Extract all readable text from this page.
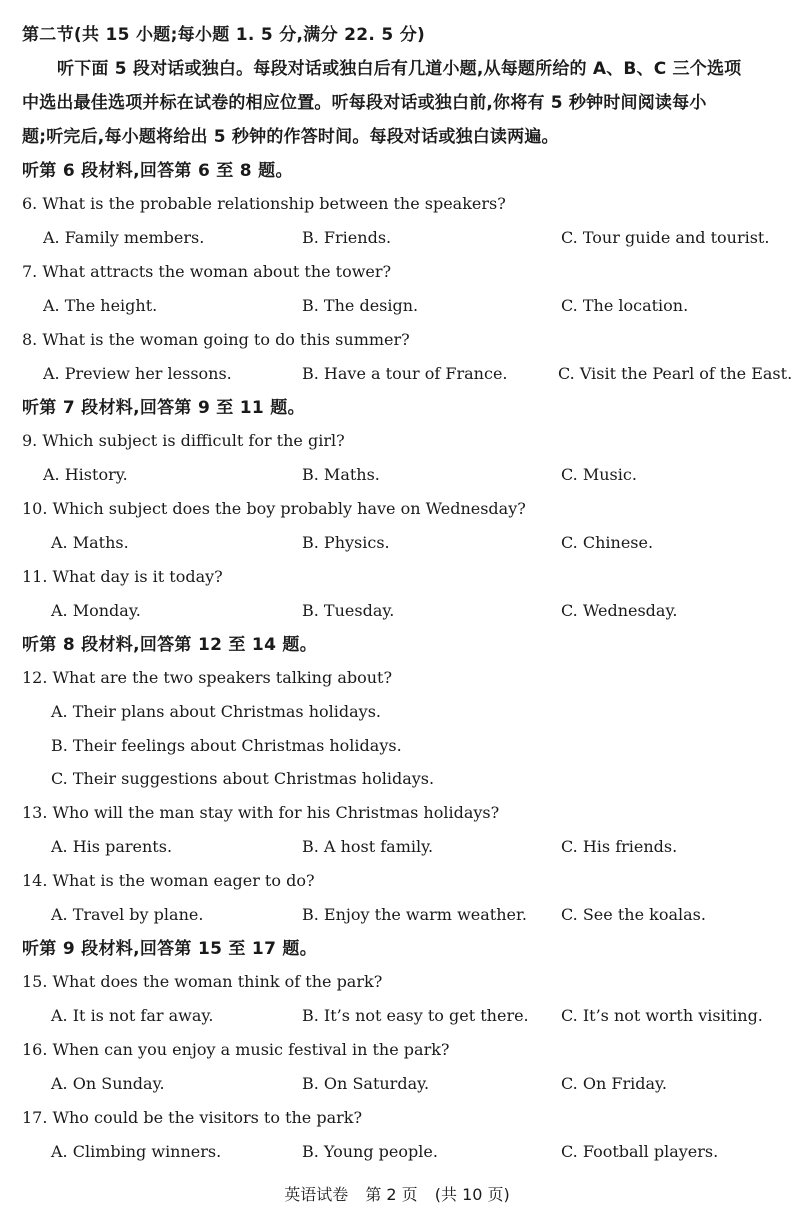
第二节(共 15 小题;每小题 1. 5 分,满分 22. 5 分)
听下面 5 段对话或独白。每段对话或独白后有几道小题,从每题所给的 A、B、C 三个选项
中选出最佳选项并标在试卷的相应位置。听每段对话或独白前,你将有 5 秒钟时间阅读每小
题;听完后,每小题将给出 5 秒钟的作答时间。每段对话或独白读两遍。
听第 6 段材料,回答第 6 至 8 题。
6. What is the probable relationship between the speakers?
A. Family members.	B. Friends.	C. Tour guide and tourist.
7. What attracts the woman about the tower?
A. The height.	B. The design.	C. The location.
8. What is the woman going to do this summer?
A. Preview her lessons.	B. Have a tour of France.	C. Visit the Pearl of the East.
听第 7 段材料,回答第 9 至 11 题。
9. Which subject is difficult for the girl?
A. History.	B. Maths.	C. Music.
10. Which subject does the boy probably have on Wednesday?
A. Maths.	B. Physics.	C. Chinese.
11. What day is it today?
A. Monday.	B. Tuesday.	C. Wednesday.
听第 8 段材料,回答第 12 至 14 题。
12. What are the two speakers talking about?
A. Their plans about Christmas holidays.
B. Their feelings about Christmas holidays.
C. Their suggestions about Christmas holidays.
13. Who will the man stay with for his Christmas holidays?
A. His parents.	B. A host family.	C. His friends.
14. What is the woman eager to do?
A. Travel by plane.	B. Enjoy the warm weather. C. See the koalas.
听第 9 段材料,回答第 15 至 17 题。
15. What does the woman think of the park?
A. It is not far away.	B. It’s not easy to get there. C. It’s not worth visiting.
16. When can you enjoy a music festival in the park?
A. On Sunday.	B. On Saturday.	C. On Friday.
17. Who could be the visitors to the park?
A. Climbing winners.	B. Young people.	C. Football players.
英语试卷 第 2 页 (共 10 页)
